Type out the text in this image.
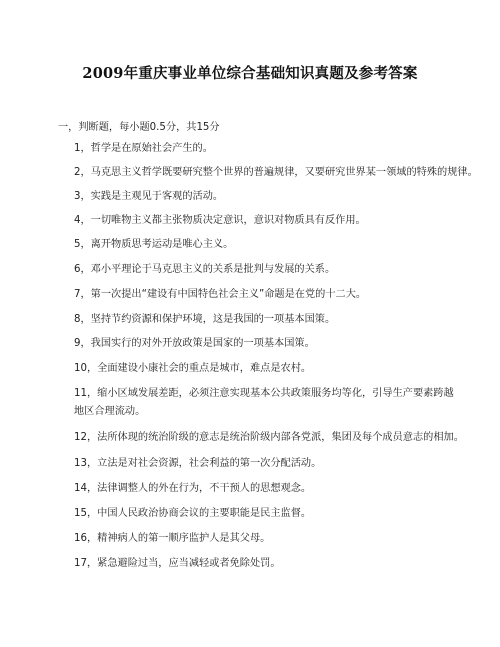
2009年重庆事业单位综合基础知识真题及参考答案
一，判断题，每小题0.5分，共15分
1，哲学是在原始社会产生的。
2，马克思主义哲学既要研究整个世界的普遍规律，又要研究世界某一领域的特殊的规律。
3，实践是主观见于客观的活动。
4，一切唯物主义都主张物质决定意识，意识对物质具有反作用。
5，离开物质思考运动是唯心主义。
6，邓小平理论于马克思主义的关系是批判与发展的关系。
7，第一次提出“建设有中国特色社会主义”命题是在党的十二大。
8，坚持节约资源和保护环境，这是我国的一项基本国策。
9，我国实行的对外开放政策是国家的一项基本国策。
10，全面建设小康社会的重点是城市，难点是农村。
11，缩小区域发展差距，必须注意实现基本公共政策服务均等化，引导生产要素跨越地区合理流动。
12，法所体现的统治阶级的意志是统治阶级内部各党派，集团及每个成员意志的相加。
13，立法是对社会资源，社会利益的第一次分配活动。
14，法律调整人的外在行为，不干预人的思想观念。
15，中国人民政治协商会议的主要职能是民主监督。
16，精神病人的第一顺序监护人是其父母。
17，紧急避险过当，应当减轻或者免除处罚。
